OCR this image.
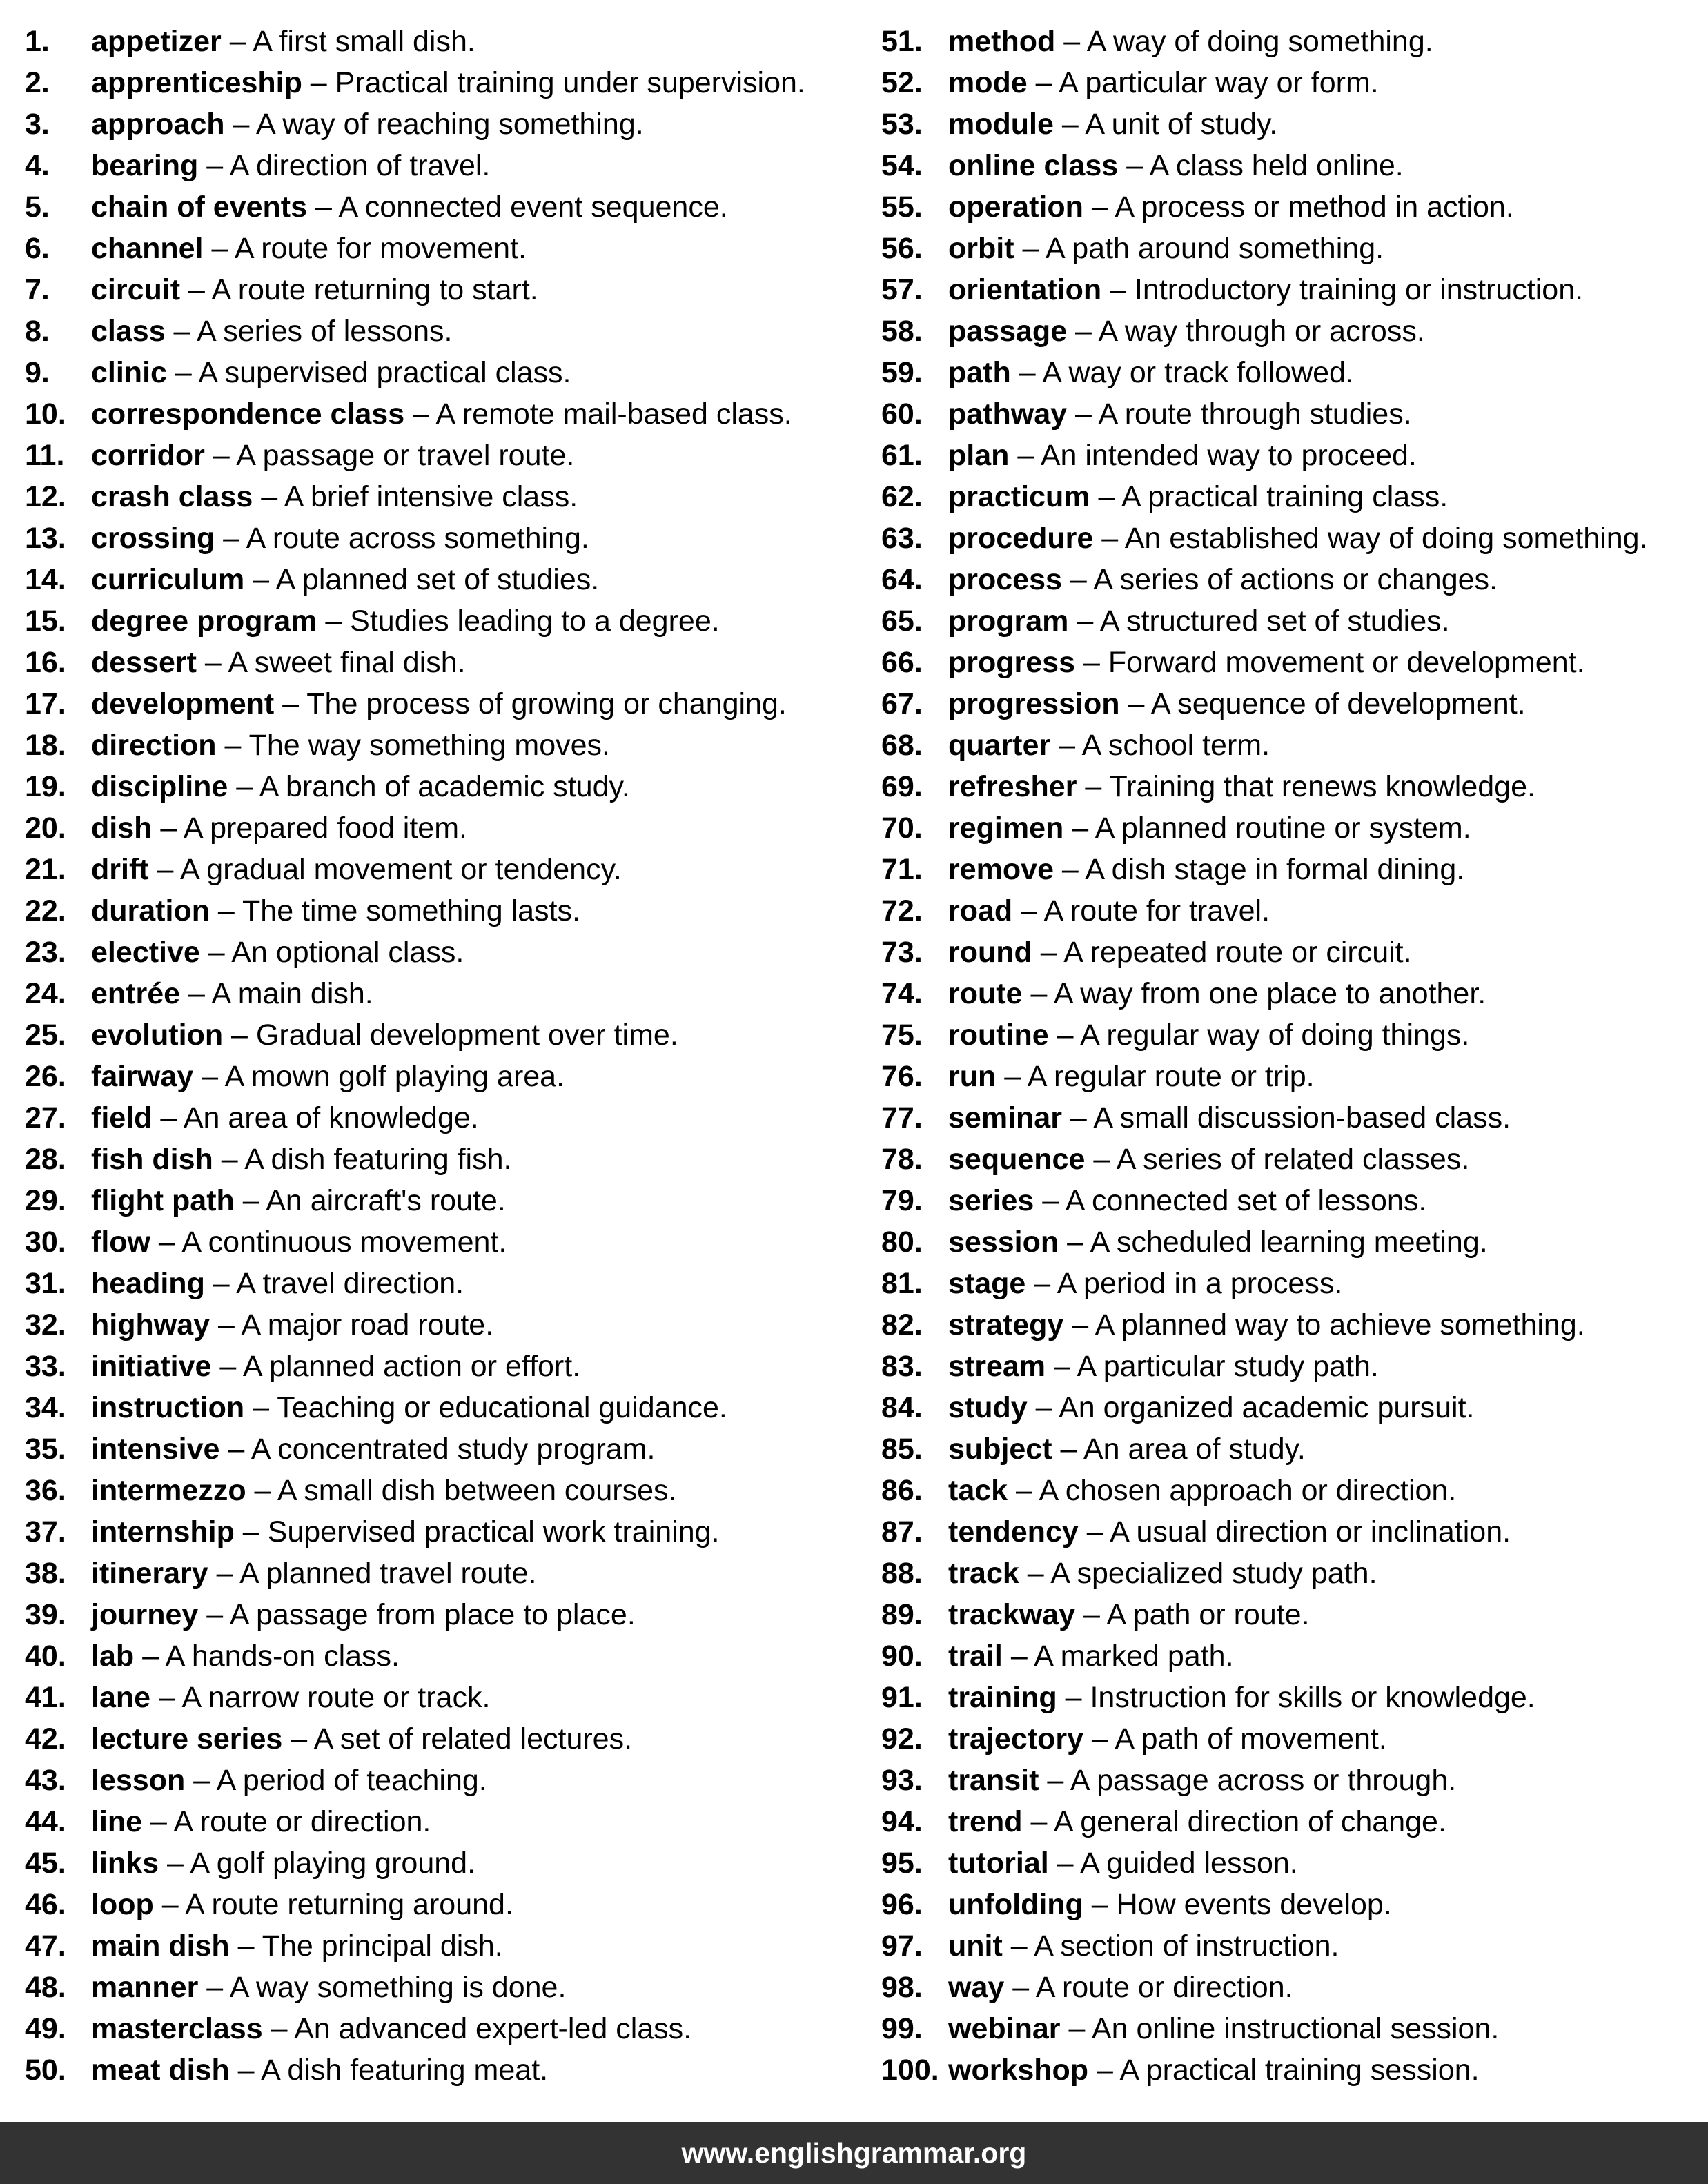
1. appetizer – A first small dish.
2. apprenticeship – Practical training under supervision.
3. approach – A way of reaching something.
4. bearing – A direction of travel.
5. chain of events – A connected event sequence.
6. channel – A route for movement.
7. circuit – A route returning to start.
8. class – A series of lessons.
9. clinic – A supervised practical class.
10. correspondence class – A remote mail-based class.
11. corridor – A passage or travel route.
12. crash class – A brief intensive class.
13. crossing – A route across something.
14. curriculum – A planned set of studies.
15. degree program – Studies leading to a degree.
16. dessert – A sweet final dish.
17. development – The process of growing or changing.
18. direction – The way something moves.
19. discipline – A branch of academic study.
20. dish – A prepared food item.
21. drift – A gradual movement or tendency.
22. duration – The time something lasts.
23. elective – An optional class.
24. entrée – A main dish.
25. evolution – Gradual development over time.
26. fairway – A mown golf playing area.
27. field – An area of knowledge.
28. fish dish – A dish featuring fish.
29. flight path – An aircraft's route.
30. flow – A continuous movement.
31. heading – A travel direction.
32. highway – A major road route.
33. initiative – A planned action or effort.
34. instruction – Teaching or educational guidance.
35. intensive – A concentrated study program.
36. intermezzo – A small dish between courses.
37. internship – Supervised practical work training.
38. itinerary – A planned travel route.
39. journey – A passage from place to place.
40. lab – A hands-on class.
41. lane – A narrow route or track.
42. lecture series – A set of related lectures.
43. lesson – A period of teaching.
44. line – A route or direction.
45. links – A golf playing ground.
46. loop – A route returning around.
47. main dish – The principal dish.
48. manner – A way something is done.
49. masterclass – An advanced expert-led class.
50. meat dish – A dish featuring meat.
51. method – A way of doing something.
52. mode – A particular way or form.
53. module – A unit of study.
54. online class – A class held online.
55. operation – A process or method in action.
56. orbit – A path around something.
57. orientation – Introductory training or instruction.
58. passage – A way through or across.
59. path – A way or track followed.
60. pathway – A route through studies.
61. plan – An intended way to proceed.
62. practicum – A practical training class.
63. procedure – An established way of doing something.
64. process – A series of actions or changes.
65. program – A structured set of studies.
66. progress – Forward movement or development.
67. progression – A sequence of development.
68. quarter – A school term.
69. refresher – Training that renews knowledge.
70. regimen – A planned routine or system.
71. remove – A dish stage in formal dining.
72. road – A route for travel.
73. round – A repeated route or circuit.
74. route – A way from one place to another.
75. routine – A regular way of doing things.
76. run – A regular route or trip.
77. seminar – A small discussion-based class.
78. sequence – A series of related classes.
79. series – A connected set of lessons.
80. session – A scheduled learning meeting.
81. stage – A period in a process.
82. strategy – A planned way to achieve something.
83. stream – A particular study path.
84. study – An organized academic pursuit.
85. subject – An area of study.
86. tack – A chosen approach or direction.
87. tendency – A usual direction or inclination.
88. track – A specialized study path.
89. trackway – A path or route.
90. trail – A marked path.
91. training – Instruction for skills or knowledge.
92. trajectory – A path of movement.
93. transit – A passage across or through.
94. trend – A general direction of change.
95. tutorial – A guided lesson.
96. unfolding – How events develop.
97. unit – A section of instruction.
98. way – A route or direction.
99. webinar – An online instructional session.
100. workshop – A practical training session.
www.englishgrammar.org
